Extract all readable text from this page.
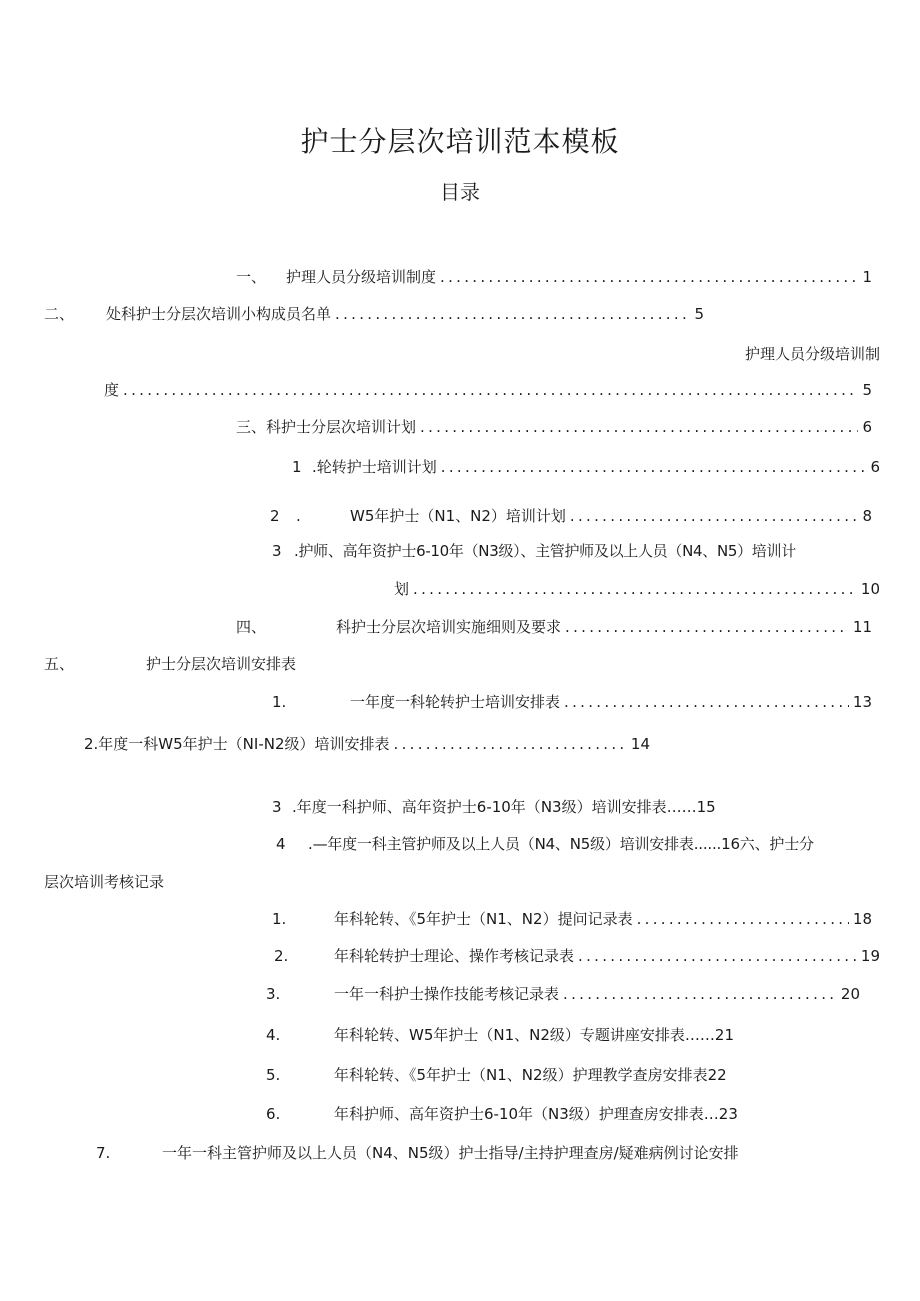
护士分层次培训范本模板
目录
一、	护理人员分级培训制度 .....	1
二、	处科护士分层次培训小构成员名单 .....	5
护理人员分级培训制
度 .....	5
三、科护士分层次培训计划 .....	6
1 .轮转护士培训计划 .....	6
2	.	W5年护士（N1、N2）培训计划 .....	8
3 .护师、高年资护士6-10年（N3级）、主管护师及以上人员（N4、N5）培训计
划 .....	10
四、	科护士分层次培训实施细则及要求 .....	11
五、	护士分层次培训安排表
1.	一年度一科轮转护士培训安排表 .....	13
2.年度一科W5年护士（NI-N2级）培训安排表 .....	14
3 .年度一科护师、高年资护士6-10年（N3级）培训安排表……15
4	.—年度一科主管护师及以上人员（N4、N5级）培训安排表......16六、护士分
层次培训考核记录
1.	年科轮转、《5年护士（N1、N2）提问记录表 .....	18
2.	年科轮转护士理论、操作考核记录表 .....	19
3.	一年一科护士操作技能考核记录表 .....	20
4.	年科轮转、W5年护士（N1、N2级）专题讲座安排表……21
5.	年科轮转、《5年护士（N1、N2级）护理教学查房安排表22
6.	年科护师、高年资护士6-10年（N3级）护理查房安排表…23
7.	一年一科主管护师及以上人员（N4、N5级）护士指导/主持护理查房/疑难病例讨论安排
